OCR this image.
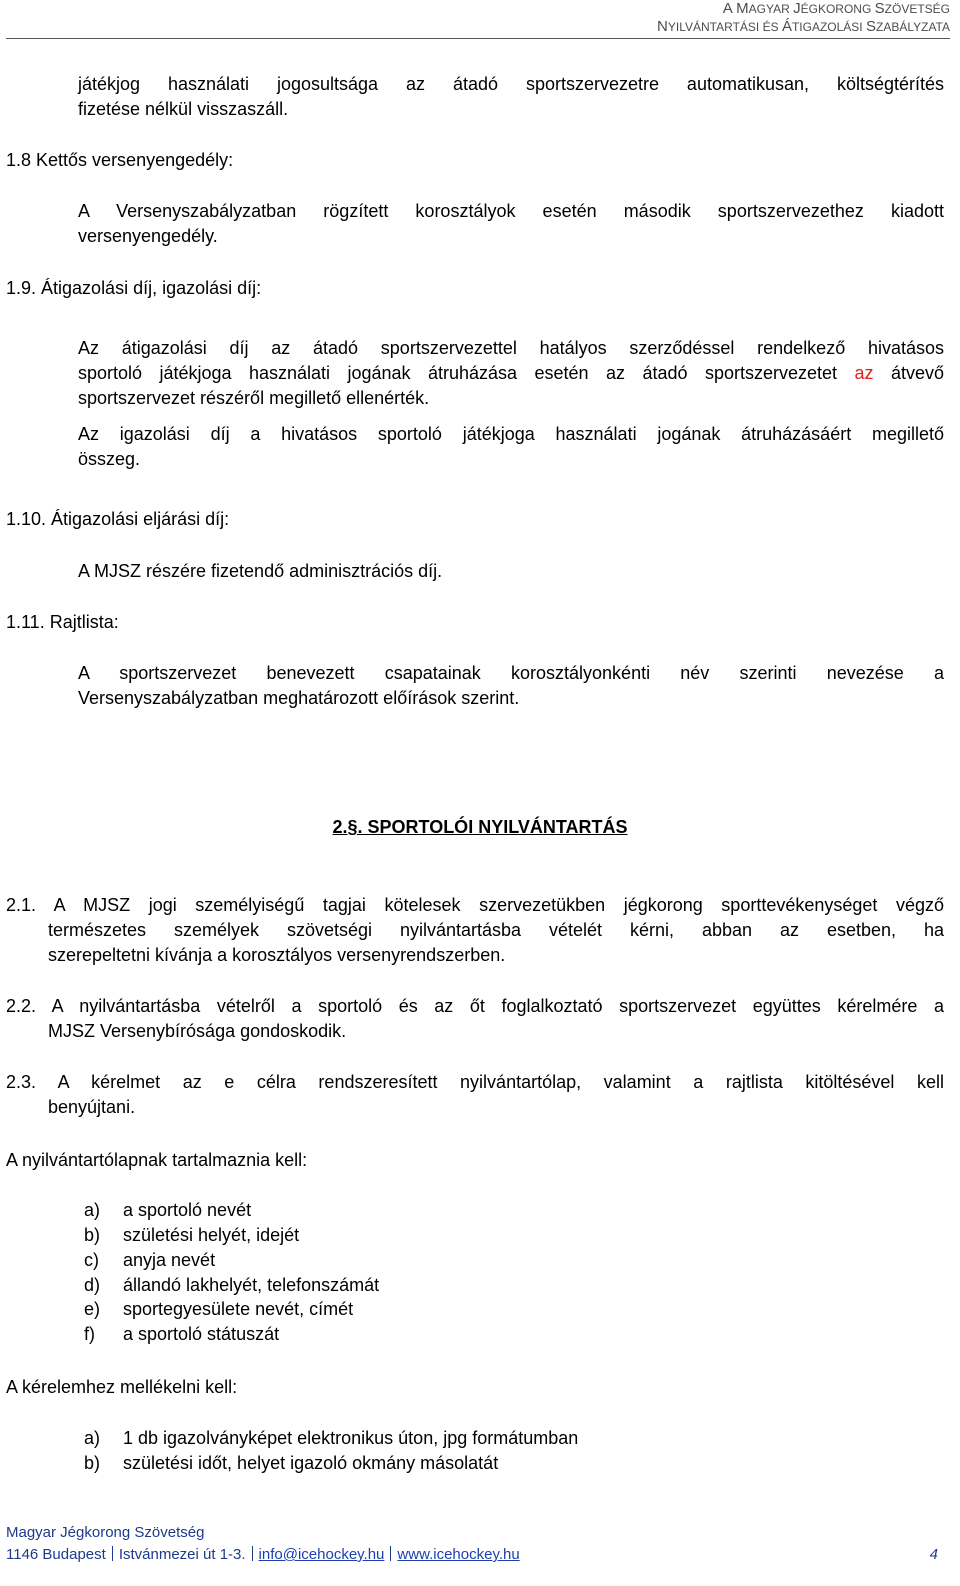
A MAGYAR JÉGKORONG SZÖVETSÉG
NYILVÁNTARTÁSI ÉS ÁTIGAZOLÁSI SZABÁLYZATA
játékjog használati jogosultsága az átadó sportszervezetre automatikusan, költségtérítés
fizetése nélkül visszaszáll.
1.8 Kettős versenyengedély:
A Versenyszabályzatban rögzített korosztályok esetén második sportszervezethez kiadott
versenyengedély.
1.9. Átigazolási díj, igazolási díj:
Az átigazolási díj az átadó sportszervezettel hatályos szerződéssel rendelkező hivatásos
sportoló játékjoga használati jogának átruházása esetén az átadó sportszervezetet az átvevő
sportszervezet részéről megillető ellenérték.
Az igazolási díj a hivatásos sportoló játékjoga használati jogának átruházásáért megillető
összeg.
1.10. Átigazolási eljárási díj:
A MJSZ részére fizetendő adminisztrációs díj.
1.11. Rajtlista:
A sportszervezet benevezett csapatainak korosztályonkénti név szerinti nevezése a
Versenyszabályzatban meghatározott előírások szerint.
2.§. SPORTOLÓI NYILVÁNTARTÁS
2.1. A MJSZ jogi személyiségű tagjai kötelesek szervezetükben jégkorong sporttevékenységet végző
természetes személyek szövetségi nyilvántartásba vételét kérni, abban az esetben, ha
szerepeltetni kívánja a korosztályos versenyrendszerben.
2.2. A nyilvántartásba vételről a sportoló és az őt foglalkoztató sportszervezet együttes kérelmére a
MJSZ Versenybírósága gondoskodik.
2.3. A kérelmet az e célra rendszeresített nyilvántartólap, valamint a rajtlista kitöltésével kell
benyújtani.
A nyilvántartólapnak tartalmaznia kell:
a) a sportoló nevét
b) születési helyét, idejét
c) anyja nevét
d) állandó lakhelyét, telefonszámát
e) sportegyesülete nevét, címét
f) a sportoló státuszát
A kérelemhez mellékelni kell:
a) 1 db igazolványképet elektronikus úton, jpg formátumban
b) születési időt, helyet igazoló okmány másolatát
Magyar Jégkorong Szövetség
1146 Budapest Istvánmezei út 1-3. info@icehockey.hu www.icehockey.hu	4
